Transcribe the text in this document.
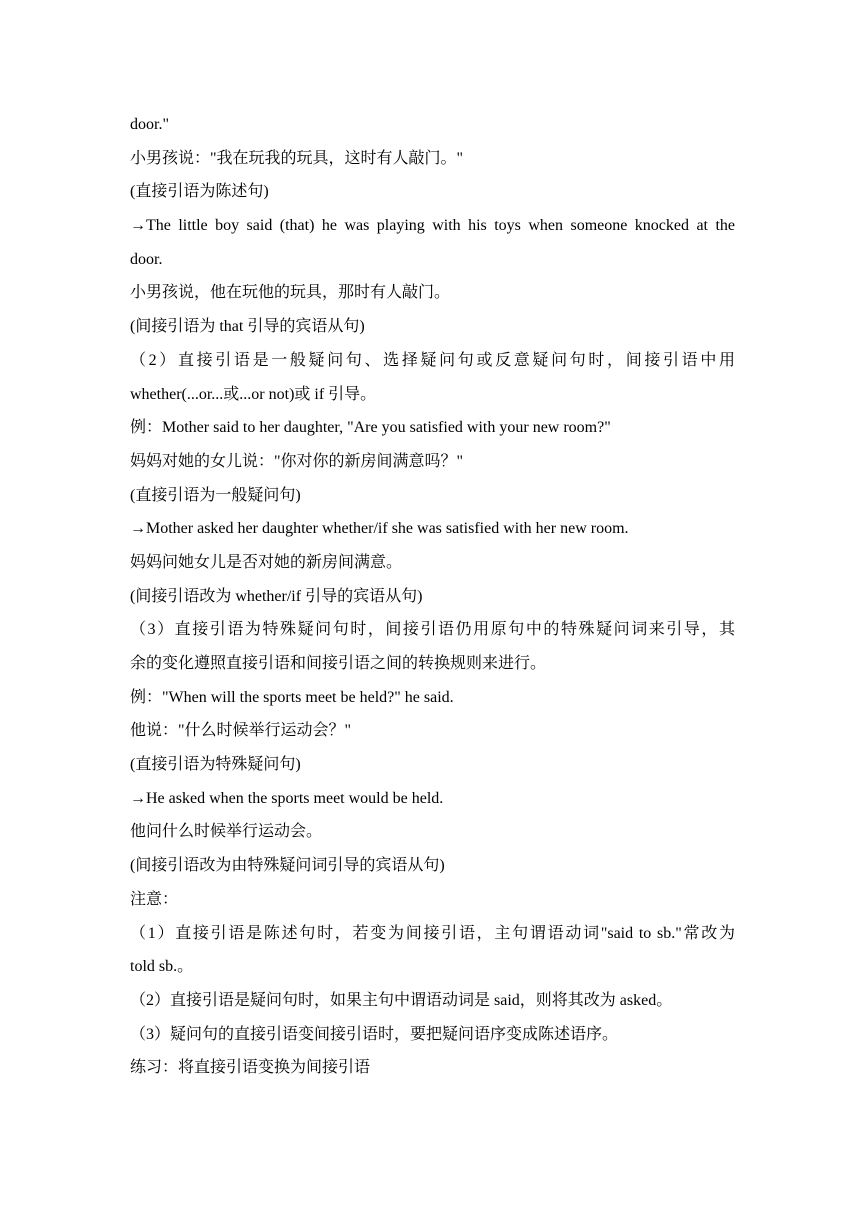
door."
小男孩说："我在玩我的玩具，这时有人敲门。"
(直接引语为陈述句)
→The little boy said (that) he was playing with his toys when someone knocked at the
door.
小男孩说，他在玩他的玩具，那时有人敲门。
(间接引语为 that 引导的宾语从句)
（2）直接引语是一般疑问句、选择疑问句或反意疑问句时，间接引语中用
whether(...or...或...or not)或 if 引导。
例：Mother said to her daughter, "Are you satisfied with your new room?"
妈妈对她的女儿说："你对你的新房间满意吗？"
(直接引语为一般疑问句)
→Mother asked her daughter whether/if she was satisfied with her new room.
妈妈问她女儿是否对她的新房间满意。
(间接引语改为 whether/if 引导的宾语从句)
（3）直接引语为特殊疑问句时，间接引语仍用原句中的特殊疑问词来引导，其
余的变化遵照直接引语和间接引语之间的转换规则来进行。
例："When will the sports meet be held?" he said.
他说："什么时候举行运动会？"
(直接引语为特殊疑问句)
→He asked when the sports meet would be held.
他问什么时候举行运动会。
(间接引语改为由特殊疑问词引导的宾语从句)
注意：
（1）直接引语是陈述句时，若变为间接引语，主句谓语动词"said to sb."常改为
told sb.。
（2）直接引语是疑问句时，如果主句中谓语动词是 said，则将其改为 asked。
（3）疑问句的直接引语变间接引语时，要把疑问语序变成陈述语序。
练习：将直接引语变换为间接引语
